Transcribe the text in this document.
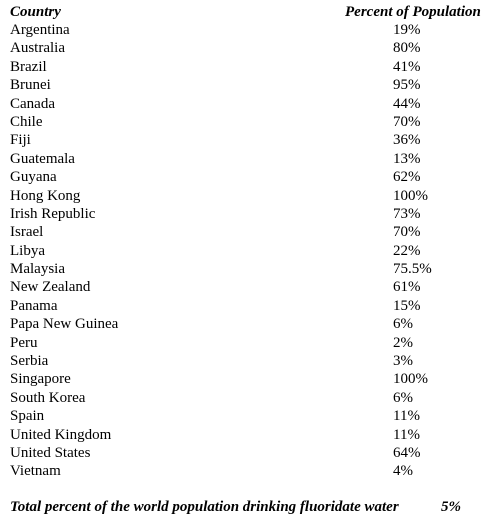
Country	Percent of Population
Argentina	19%
Australia	80%
Brazil	41%
Brunei	95%
Canada	44%
Chile	70%
Fiji	36%
Guatemala	13%
Guyana	62%
Hong Kong	100%
Irish Republic	73%
Israel	70%
Libya	22%
Malaysia	75.5%
New Zealand	61%
Panama	15%
Papa New Guinea	6%
Peru	2%
Serbia	3%
Singapore	100%
South Korea	6%
Spain	11%
United Kingdom	11%
United States	64%
Vietnam	4%
Total percent of the world population drinking fluoridate water	5%
